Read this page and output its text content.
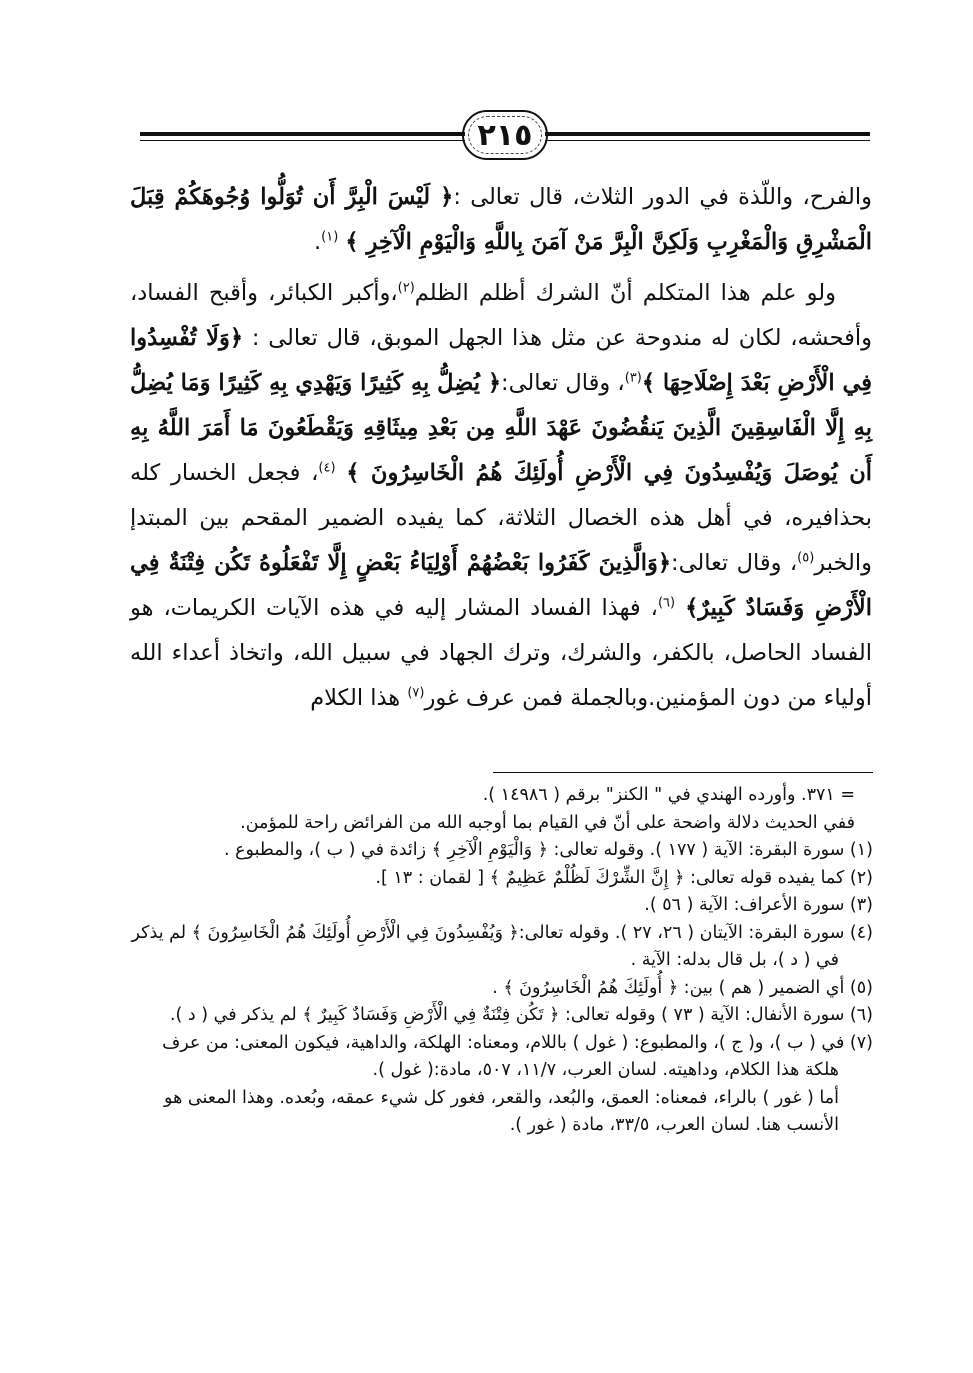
٢١٥

والفرح، واللّذة في الدور الثلاث، قال تعالى :﴿ لَيْسَ الْبِرَّ أَن تُوَلُّوا وُجُوهَكُمْ قِبَلَ الْمَشْرِقِ وَالْمَغْرِبِ وَلَكِنَّ الْبِرَّ مَنْ آمَنَ بِاللَّهِ وَالْيَوْمِ الْآخِرِ ﴾ $^{(١)}$.

ولو علم هذا المتكلم أنّ الشرك أظلم الظلم$^{(٢)}$،وأكبر الكبائر، وأقبح الفساد، وأفحشه، لكان له مندوحة عن مثل هذا الجهل الموبق، قال تعالى : ﴿وَلَا تُفْسِدُوا فِي الْأَرْضِ بَعْدَ إِصْلَاحِهَا ﴾$^{(٣)}$، وقال تعالى:﴿ يُضِلُّ بِهِ كَثِيرًا وَيَهْدِي بِهِ كَثِيرًا وَمَا يُضِلُّ بِهِ إِلَّا الْفَاسِقِينَ الَّذِينَ يَنقُضُونَ عَهْدَ اللَّهِ مِن بَعْدِ مِيثَاقِهِ وَيَقْطَعُونَ مَا أَمَرَ اللَّهُ بِهِ أَن يُوصَلَ وَيُفْسِدُونَ فِي الْأَرْضِ أُولَئِكَ هُمُ الْخَاسِرُونَ ﴾ $^{(٤)}$، فجعل الخسار كله بحذافيره، في أهل هذه الخصال الثلاثة، كما يفيده الضمير المقحم بين المبتدإ والخبر$^{(٥)}$، وقال تعالى:﴿وَالَّذِينَ كَفَرُوا بَعْضُهُمْ أَوْلِيَاءُ بَعْضٍ إِلَّا تَفْعَلُوهُ تَكُن فِتْنَةٌ فِي الْأَرْضِ وَفَسَادٌ كَبِيرٌ﴾ $^{(٦)}$، فهذا الفساد المشار إليه في هذه الآيات الكريمات، هو الفساد الحاصل، بالكفر، والشرك، وترك الجهاد في سبيل الله، واتخاذ أعداء الله أولياء من دون المؤمنين.وبالجملة فمن عرف غور$^{(٧)}$ هذا الكلام

= ٣٧١. وأورده الهندي في " الكنز" برقم ( ١٤٩٨٦ ).

ففي الحديث دلالة واضحة على أنّ في القيام بما أوجبه الله من الفرائض راحة للمؤمن.

(١) سورة البقرة: الآية ( ١٧٧ ). وقوله تعالى: ﴿ وَالْيَوْمِ الْآخِرِ ﴾ زائدة في ( ب )، والمطبوع .

(٢) كما يفيده قوله تعالى: ﴿ إِنَّ الشِّرْكَ لَظُلْمٌ عَظِيمٌ ﴾ [ لقمان : ١٣ ].

(٣) سورة الأعراف: الآية ( ٥٦ ).

(٤) سورة البقرة: الآيتان ( ٢٦، ٢٧ ). وقوله تعالى:﴿ وَيُفْسِدُونَ فِي الْأَرْضِ أُولَئِكَ هُمُ الْخَاسِرُونَ ﴾ لم يذكر في ( د )، بل قال بدله: الآية .

(٥) أي الضمير ( هم ) بين: ﴿ أُولَئِكَ هُمُ الْخَاسِرُونَ ﴾ .

(٦) سورة الأنفال: الآية ( ٧٣ ) وقوله تعالى: ﴿ تَكُن فِتْنَةٌ فِي الْأَرْضِ وَفَسَادٌ كَبِيرٌ ﴾ لم يذكر في ( د ).

(٧) في ( ب )، و( ج )، والمطبوع: ( غول ) باللام، ومعناه: الهلكة، والداهية، فيكون المعنى: من عرف هلكة هذا الكلام، وداهيته. لسان العرب، ١١/٧، ٥٠٧، مادة:( غول ).

أما ( غور ) بالراء، فمعناه: العمق، والبُعد، والقعر، فغور كل شيء عمقه، وبُعده. وهذا المعنى هو الأنسب هنا. لسان العرب، ٣٣/٥، مادة ( غور ).
